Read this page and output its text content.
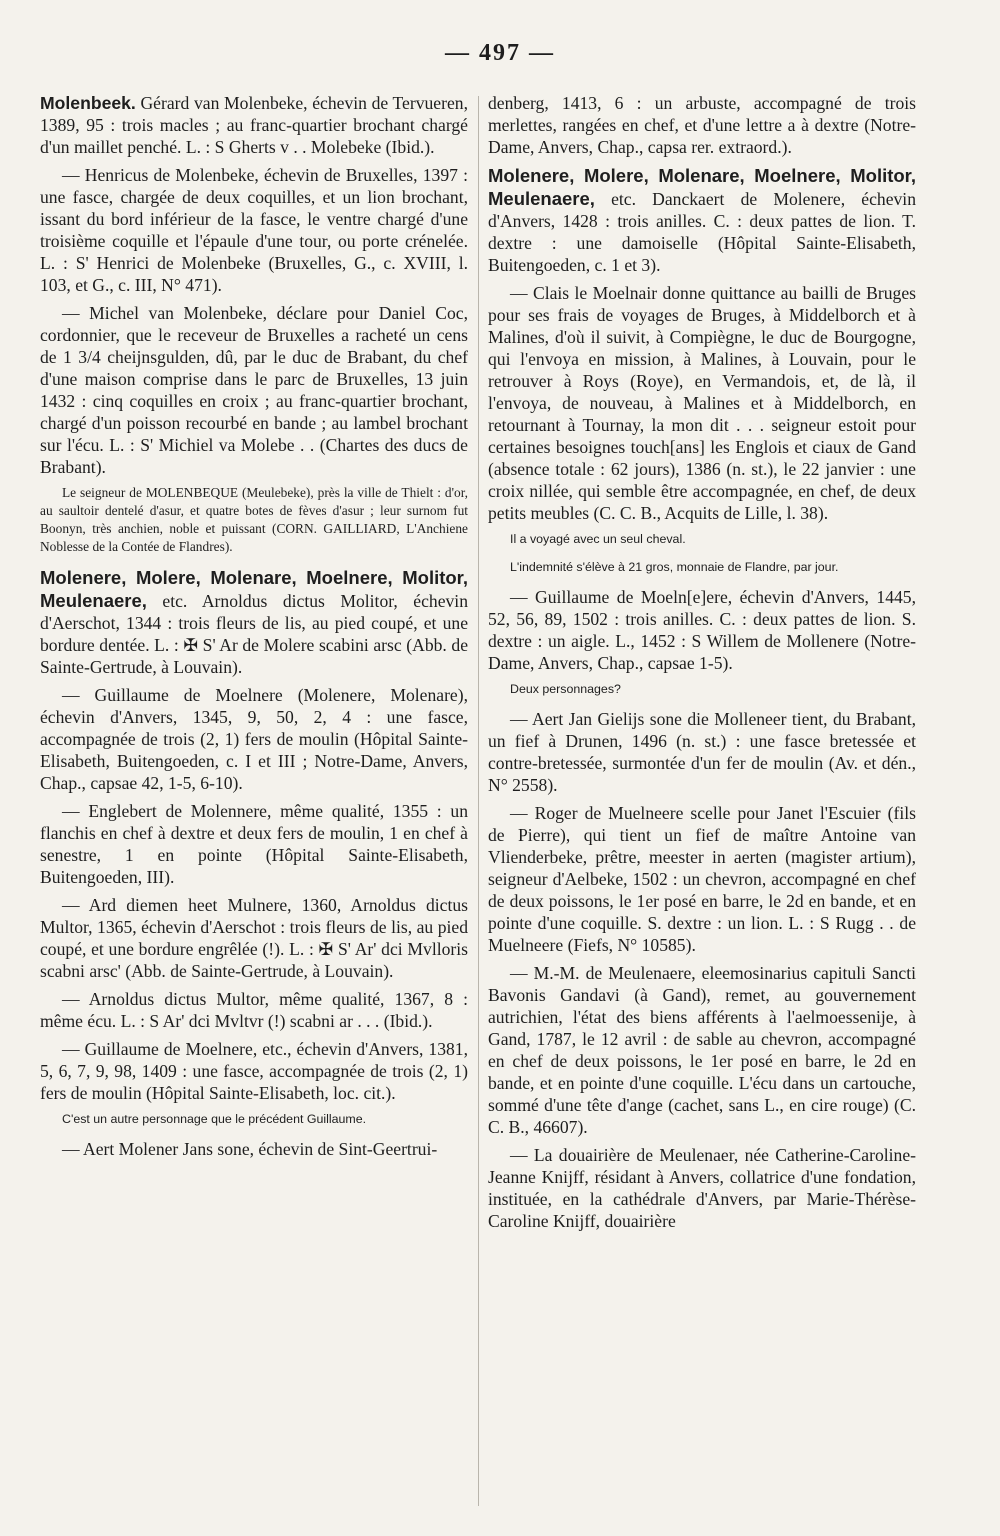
— 497 —

Molenbeek. Gérard van Molenbeke, échevin de Tervueren, 1389, 95 : trois macles ; au franc-quartier brochant chargé d'un maillet penché. L. : S Gherts v . . Molebeke (Ibid.).

— Henricus de Molenbeke, échevin de Bruxelles, 1397 : une fasce, chargée de deux coquilles, et un lion brochant, issant du bord inférieur de la fasce, le ventre chargé d'une troisième coquille et l'épaule d'une tour, ou porte crénelée. L. : S' Henrici de Molenbeke (Bruxelles, G., c. XVIII, l. 103, et G., c. III, N° 471).

— Michel van Molenbeke, déclare pour Daniel Coc, cordonnier, que le receveur de Bruxelles a racheté un cens de 1 3/4 cheijnsgulden, dû, par le duc de Brabant, du chef d'une maison comprise dans le parc de Bruxelles, 13 juin 1432 : cinq coquilles en croix ; au franc-quartier brochant, chargé d'un poisson recourbé en bande ; au lambel brochant sur l'écu. L. : S' Michiel va Molebe . . (Chartes des ducs de Brabant).

Le seigneur de MOLENBEQUE (Meulebeke), près la ville de Thielt : d'or, au saultoir dentelé d'asur, et quatre botes de fèves d'asur ; leur surnom fut Boonyn, très anchien, noble et puissant (CORN. GAILLIARD, L'Anchiene Noblesse de la Contée de Flandres).

Molenere, Molere, Molenare, Moelnere, Molitor, Meulenaere, etc. Arnoldus dictus Molitor, échevin d'Aerschot, 1344 : trois fleurs de lis, au pied coupé, et une bordure dentée. L. : ✠ S' Ar de Molere scabini arsc (Abb. de Sainte-Gertrude, à Louvain).

— Guillaume de Moelnere (Molenere, Molenare), échevin d'Anvers, 1345, 9, 50, 2, 4 : une fasce, accompagnée de trois (2, 1) fers de moulin (Hôpital Sainte-Elisabeth, Buitengoeden, c. I et III ; Notre-Dame, Anvers, Chap., capsae 42, 1-5, 6-10).

— Englebert de Molennere, même qualité, 1355 : un flanchis en chef à dextre et deux fers de moulin, 1 en chef à senestre, 1 en pointe (Hôpital Sainte-Elisabeth, Buitengoeden, III).

— Ard diemen heet Mulnere, 1360, Arnoldus dictus Multor, 1365, échevin d'Aerschot : trois fleurs de lis, au pied coupé, et une bordure engrêlée (!). L. : ✠ S' Ar' dci Mvlloris scabni arsc' (Abb. de Sainte-Gertrude, à Louvain).

— Arnoldus dictus Multor, même qualité, 1367, 8 : même écu. L. : S Ar' dci Mvltvr (!) scabni ar . . . (Ibid.).

— Guillaume de Moelnere, etc., échevin d'Anvers, 1381, 5, 6, 7, 9, 98, 1409 : une fasce, accompagnée de trois (2, 1) fers de moulin (Hôpital Sainte-Elisabeth, loc. cit.).

C'est un autre personnage que le précédent Guillaume.

— Aert Molener Jans sone, échevin de Sint-Geertrui-

denberg, 1413, 6 : un arbuste, accompagné de trois merlettes, rangées en chef, et d'une lettre a à dextre (Notre-Dame, Anvers, Chap., capsa rer. extraord.).

Molenere, Molere, Molenare, Moelnere, Molitor, Meulenaere, etc. Danckaert de Molenere, échevin d'Anvers, 1428 : trois anilles. C. : deux pattes de lion. T. dextre : une damoiselle (Hôpital Sainte-Elisabeth, Buitengoeden, c. 1 et 3).

— Clais le Moelnair donne quittance au bailli de Bruges pour ses frais de voyages de Bruges, à Middelborch et à Malines, d'où il suivit, à Compiègne, le duc de Bourgogne, qui l'envoya en mission, à Malines, à Louvain, pour le retrouver à Roys (Roye), en Vermandois, et, de là, il l'envoya, de nouveau, à Malines et à Middelborch, en retournant à Tournay, la mon dit . . . seigneur estoit pour certaines besoignes touch[ans] les Englois et ciaux de Gand (absence totale : 62 jours), 1386 (n. st.), le 22 janvier : une croix nillée, qui semble être accompagnée, en chef, de deux petits meubles (C. C. B., Acquits de Lille, l. 38).

Il a voyagé avec un seul cheval.

L'indemnité s'élève à 21 gros, monnaie de Flandre, par jour.

— Guillaume de Moeln[e]ere, échevin d'Anvers, 1445, 52, 56, 89, 1502 : trois anilles. C. : deux pattes de lion. S. dextre : un aigle. L., 1452 : S Willem de Mollenere (Notre-Dame, Anvers, Chap., capsae 1-5).

Deux personnages?

— Aert Jan Gielijs sone die Molleneer tient, du Brabant, un fief à Drunen, 1496 (n. st.) : une fasce bretessée et contre-bretessée, surmontée d'un fer de moulin (Av. et dén., N° 2558).

— Roger de Muelneere scelle pour Janet l'Escuier (fils de Pierre), qui tient un fief de maître Antoine van Vlienderbeke, prêtre, meester in aerten (magister artium), seigneur d'Aelbeke, 1502 : un chevron, accompagné en chef de deux poissons, le 1er posé en barre, le 2d en bande, et en pointe d'une coquille. S. dextre : un lion. L. : S Rugg . . de Muelneere (Fiefs, N° 10585).

— M.-M. de Meulenaere, eleemosinarius capituli Sancti Bavonis Gandavi (à Gand), remet, au gouvernement autrichien, l'état des biens afférents à l'aelmoessenije, à Gand, 1787, le 12 avril : de sable au chevron, accompagné en chef de deux poissons, le 1er posé en barre, le 2d en bande, et en pointe d'une coquille. L'écu dans un cartouche, sommé d'une tête d'ange (cachet, sans L., en cire rouge) (C. C. B., 46607).

— La douairière de Meulenaer, née Catherine-Caroline-Jeanne Knijff, résidant à Anvers, collatrice d'une fondation, instituée, en la cathédrale d'Anvers, par Marie-Thérèse-Caroline Knijff, douairière
